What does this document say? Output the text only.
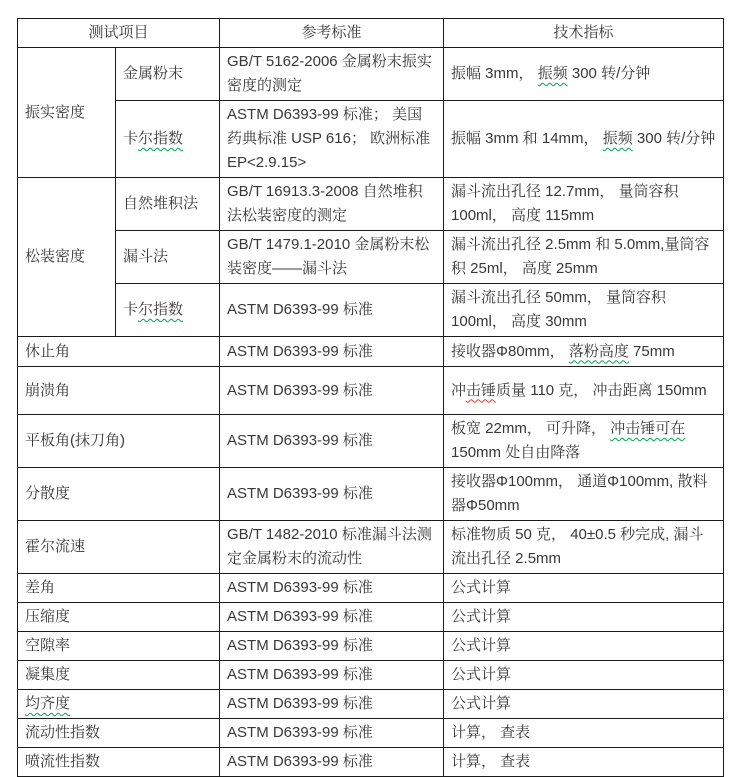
测试项目		参考标准	技术指标
振实密度	金属粉末	GB/T 5162-2006 金属粉末振实密度的测定	振幅 3mm， 振频 300 转/分钟
	卡尔指数	ASTM D6393-99 标准； 美国药典标准 USP 616； 欧洲标准 EP<2.9.15>	振幅 3mm 和 14mm， 振频 300 转/分钟
松装密度	自然堆积法	GB/T 16913.3-2008 自然堆积法松装密度的测定	漏斗流出孔径 12.7mm， 量筒容积 100ml， 高度 115mm
	漏斗法	GB/T 1479.1-2010 金属粉末松装密度——漏斗法	漏斗流出孔径 2.5mm 和 5.0mm,量筒容积 25ml， 高度 25mm
	卡尔指数	ASTM D6393-99 标准	漏斗流出孔径 50mm， 量筒容积 100ml， 高度 30mm
休止角		ASTM D6393-99 标准	接收器Φ80mm， 落粉高度 75mm
崩溃角		ASTM D6393-99 标准	冲击锤质量 110 克， 冲击距离 150mm
平板角(抹刀角)		ASTM D6393-99 标准	板宽 22mm， 可升降， 冲击锤可在 150mm 处自由降落
分散度		ASTM D6393-99 标准	接收器Φ100mm， 通道Φ100mm, 散料器Φ50mm
霍尔流速		GB/T 1482-2010 标准漏斗法测定金属粉末的流动性	标准物质 50 克， 40±0.5 秒完成, 漏斗流出孔径 2.5mm
差角		ASTM D6393-99 标准	公式计算
压缩度		ASTM D6393-99 标准	公式计算
空隙率		ASTM D6393-99 标准	公式计算
凝集度		ASTM D6393-99 标准	公式计算
均齐度		ASTM D6393-99 标准	公式计算
流动性指数		ASTM D6393-99 标准	计算， 查表
喷流性指数		ASTM D6393-99 标准	计算， 查表
